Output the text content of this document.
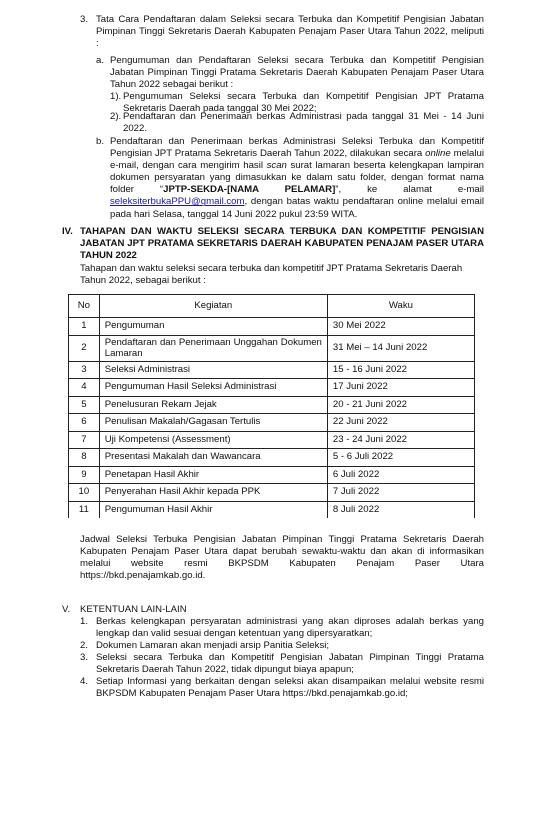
3. Tata Cara Pendaftaran dalam Seleksi secara Terbuka dan Kompetitif Pengisian Jabatan Pimpinan Tinggi Sekretaris Daerah Kabupaten Penajam Paser Utara Tahun 2022, meliputi :
a. Pengumuman dan Pendaftaran Seleksi secara Terbuka dan Kompetitif Pengisian Jabatan Pimpinan Tinggi Pratama Sekretaris Daerah Kabupaten Penajam Paser Utara Tahun 2022 sebagai berikut :
1). Pengumuman Seleksi secara Terbuka dan Kompetitif Pengisian JPT Pratama Sekretaris Daerah pada tanggal 30 Mei 2022;
2). Pendaftaran dan Penerimaan berkas Administrasi pada tanggal 31 Mei - 14 Juni 2022.
b. Pendaftaran dan Penerimaan berkas Administrasi Seleksi Terbuka dan Kompetitif Pengisian JPT Pratama Sekretaris Daerah Tahun 2022, dilakukan secara online melalui e-mail, dengan cara mengirim hasil scan surat lamaran beserta kelengkapan lampiran dokumen persyaratan yang dimasukkan ke dalam satu folder, dengan format nama folder “JPTP-SEKDA-[NAMA PELAMAR]”, ke alamat e-mail seleksiterbukaPPU@gmail.com, dengan batas waktu pendaftaran online melalui email pada hari Selasa, tanggal 14 Juni 2022 pukul 23:59 WITA.
IV. TAHAPAN DAN WAKTU SELEKSI SECARA TERBUKA DAN KOMPETITIF PENGISIAN JABATAN JPT PRATAMA SEKRETARIS DAERAH KABUPATEN PENAJAM PASER UTARA TAHUN 2022
Tahapan dan waktu seleksi secara terbuka dan kompetitif JPT Pratama Sekretaris Daerah Tahun 2022, sebagai berikut :
No	Kegiatan	Waku
1	Pengumuman	30 Mei 2022
2	Pendaftaran dan Penerimaan Unggahan Dokumen Lamaran	31 Mei – 14 Juni 2022
3	Seleksi Administrasi	15 - 16 Juni 2022
4	Pengumuman Hasil Seleksi Administrasi	17 Juni 2022
5	Penelusuran Rekam Jejak	20 - 21 Juni 2022
6	Penulisan Makalah/Gagasan Tertulis	22 Juni 2022
7	Uji Kompetensi (Assessment)	23 - 24 Juni 2022
8	Presentasi Makalah dan Wawancara	5 - 6 Juli 2022
9	Penetapan Hasil Akhir	6 Juli 2022
10	Penyerahan Hasil Akhir kepada PPK	7 Juli 2022
11	Pengumuman Hasil Akhir	8 Juli 2022
Jadwal Seleksi Terbuka Pengisian Jabatan Pimpinan Tinggi Pratama Sekretaris Daerah Kabupaten Penajam Paser Utara dapat berubah sewaktu-waktu dan akan di informasikan melalui website resmi BKPSDM Kabupaten Penajam Paser Utara https://bkd.penajamkab.go.id.
V. KETENTUAN LAIN-LAIN
1. Berkas kelengkapan persyaratan administrasi yang akan diproses adalah berkas yang lengkap dan valid sesuai dengan ketentuan yang dipersyaratkan;
2. Dokumen Lamaran akan menjadi arsip Panitia Seleksi;
3. Seleksi secara Terbuka dan Kompetitif Pengisian Jabatan Pimpinan Tinggi Pratama Sekretaris Daerah Tahun 2022, tidak dipungut biaya apapun;
4. Setiap Informasi yang berkaitan dengan seleksi akan disampaikan melalui website resmi BKPSDM Kabupaten Penajam Paser Utara https://bkd.penajamkab.go.id;
